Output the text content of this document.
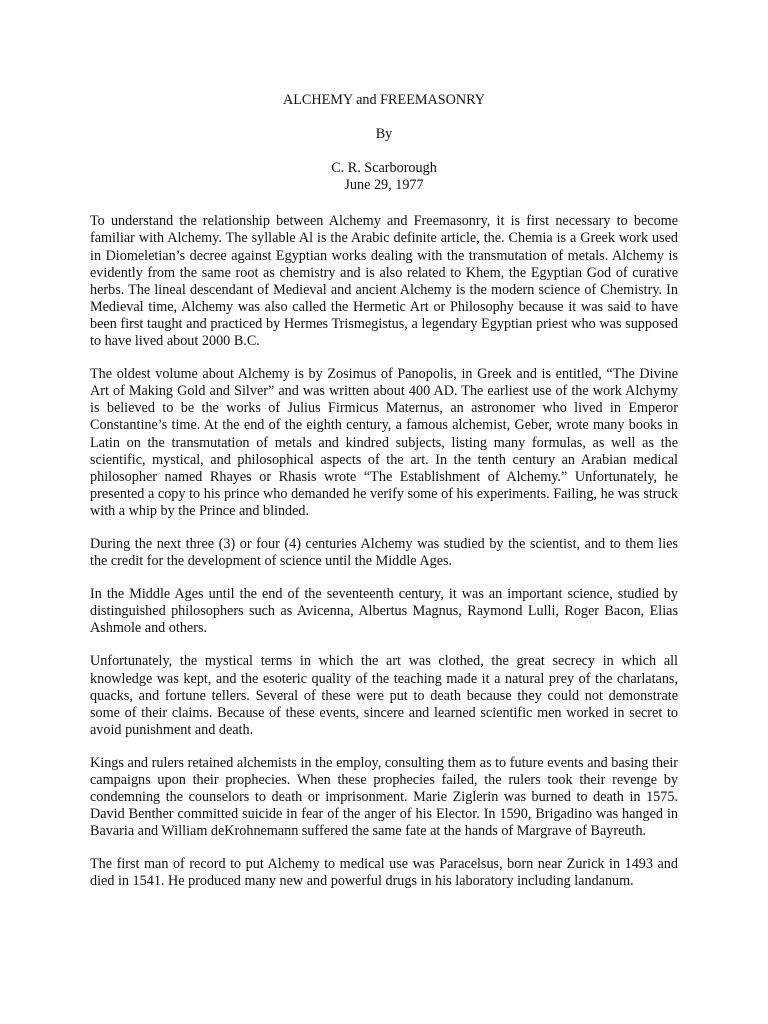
ALCHEMY and FREEMASONRY

By

C. R. Scarborough

June 29, 1977

To understand the relationship between Alchemy and Freemasonry, it is first necessary to become familiar with Alchemy. The syllable Al is the Arabic definite article, the. Chemia is a Greek work used in Diomeletian’s decree against Egyptian works dealing with the transmutation of metals. Alchemy is evidently from the same root as chemistry and is also related to Khem, the Egyptian God of curative herbs. The lineal descendant of Medieval and ancient Alchemy is the modern science of Chemistry. In Medieval time, Alchemy was also called the Hermetic Art or Philosophy because it was said to have been first taught and practiced by Hermes Trismegistus, a legendary Egyptian priest who was supposed to have lived about 2000 B.C.

The oldest volume about Alchemy is by Zosimus of Panopolis, in Greek and is entitled, “The Divine Art of Making Gold and Silver” and was written about 400 AD. The earliest use of the work Alchymy is believed to be the works of Julius Firmicus Maternus, an astronomer who lived in Emperor Constantine’s time. At the end of the eighth century, a famous alchemist, Geber, wrote many books in Latin on the transmutation of metals and kindred subjects, listing many formulas, as well as the scientific, mystical, and philosophical aspects of the art. In the tenth century an Arabian medical philosopher named Rhayes or Rhasis wrote “The Establishment of Alchemy.” Unfortunately, he presented a copy to his prince who demanded he verify some of his experiments. Failing, he was struck with a whip by the Prince and blinded.

During the next three (3) or four (4) centuries Alchemy was studied by the scientist, and to them lies the credit for the development of science until the Middle Ages.

In the Middle Ages until the end of the seventeenth century, it was an important science, studied by distinguished philosophers such as Avicenna, Albertus Magnus, Raymond Lulli, Roger Bacon, Elias Ashmole and others.

Unfortunately, the mystical terms in which the art was clothed, the great secrecy in which all knowledge was kept, and the esoteric quality of the teaching made it a natural prey of the charlatans, quacks, and fortune tellers. Several of these were put to death because they could not demonstrate some of their claims. Because of these events, sincere and learned scientific men worked in secret to avoid punishment and death.

Kings and rulers retained alchemists in the employ, consulting them as to future events and basing their campaigns upon their prophecies. When these prophecies failed, the rulers took their revenge by condemning the counselors to death or imprisonment. Marie Ziglerin was burned to death in 1575. David Benther committed suicide in fear of the anger of his Elector. In 1590, Brigadino was hanged in Bavaria and William deKrohnemann suffered the same fate at the hands of Margrave of Bayreuth.

The first man of record to put Alchemy to medical use was Paracelsus, born near Zurick in 1493 and died in 1541. He produced many new and powerful drugs in his laboratory including landanum.
